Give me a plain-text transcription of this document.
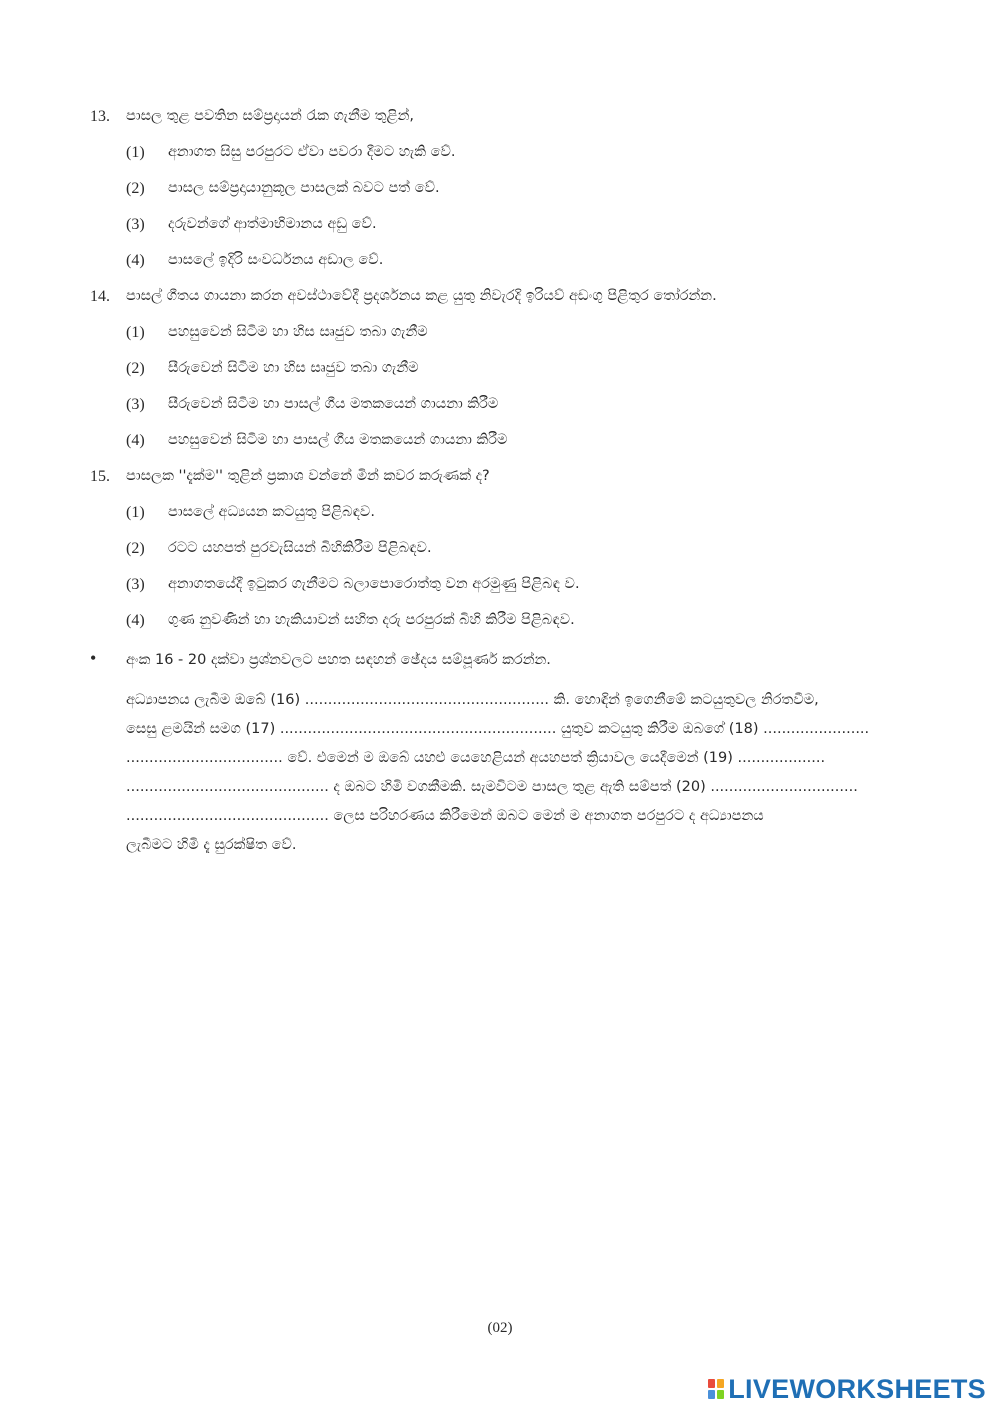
13.	පාසල තුළ පවතින සම්ප්‍රදායන් රැක ගැනීම තුළින්,
(1)	අනාගත සිසු පරපුරට ඒවා පවරා දීමට හැකි වේ.
(2)	පාසල සම්ප්‍රදායානුකූල පාසලක් බවට පත් වේ.
(3)	දරුවන්ගේ ආත්මාභිමානය අඩු වේ.
(4)	පාසලේ ඉදිරි සංවර්ධනය අඩාල වේ.
14.	පාසල් ගීතය ගායනා කරන අවස්ථාවේදී ප්‍රදර්ශනය කළ යුතු නිවැරදි ඉරියව් අඩංගු පිළිතුර තෝරන්න.
(1)	පහසුවෙන් සිටීම හා හිස සෘජුව තබා ගැනීම
(2)	සීරුවෙන් සිටීම හා හිස සෘජුව තබා ගැනීම
(3)	සීරුවෙන් සිටීම හා පාසල් ගීය මතකයෙන් ගායනා කිරීම
(4)	පහසුවෙන් සිටීම හා පාසල් ගීය මතකයෙන් ගායනා කිරීම
15.	පාසලක ''දැක්ම'' තුළින් ප්‍රකාශ වන්නේ මින් කවර කරුණක් ද?
(1)	පාසලේ අධ්‍යයන කටයුතු පිළිබඳව.
(2)	රටට යහපත් පුරවැසියන් බිහිකිරීම පිළිබඳව.
(3)	අනාගතයේදී ඉටුකර ගැනීමට බලාපොරොත්තු වන අරමුණු පිළිබඳ ව.
(4)	ගුණ නුවණින් හා හැකියාවන් සහිත දරු පරපුරක් බිහි කිරීම පිළිබඳව.
• අංක 16 - 20 දක්වා ප්‍රශ්නවලට පහත සඳහන් ඡේදය සම්පූර්ණ කරන්න.
අධ්‍යාපනය ලැබීම ඔබේ (16) ..................................................... කි. හොඳින් ඉගෙනීමේ කටයුතුවල නිරතවීම,
සෙසු ළමයින් සමග (17) ............................................................ යුතුව කටයුතු කිරීම ඔබගේ (18) .......................
.................................. වේ. එමෙන් ම ඔබේ යහළු යෙහෙළියන් අයහපත් ක්‍රියාවල යෙදීමෙන් (19) ...................
............................................ ද ඔබට හිමි වගකීමකි. සැමවිටම පාසල තුළ ඇති සම්පත් (20) ................................
............................................ ලෙස පරිහරණය කිරීමෙන් ඔබට මෙන් ම අනාගත පරපුරට ද අධ්‍යාපනය
ලැබීමට හිමි දැ සුරක්ෂිත වේ.
(02)
LIVEWORKSHEETS
